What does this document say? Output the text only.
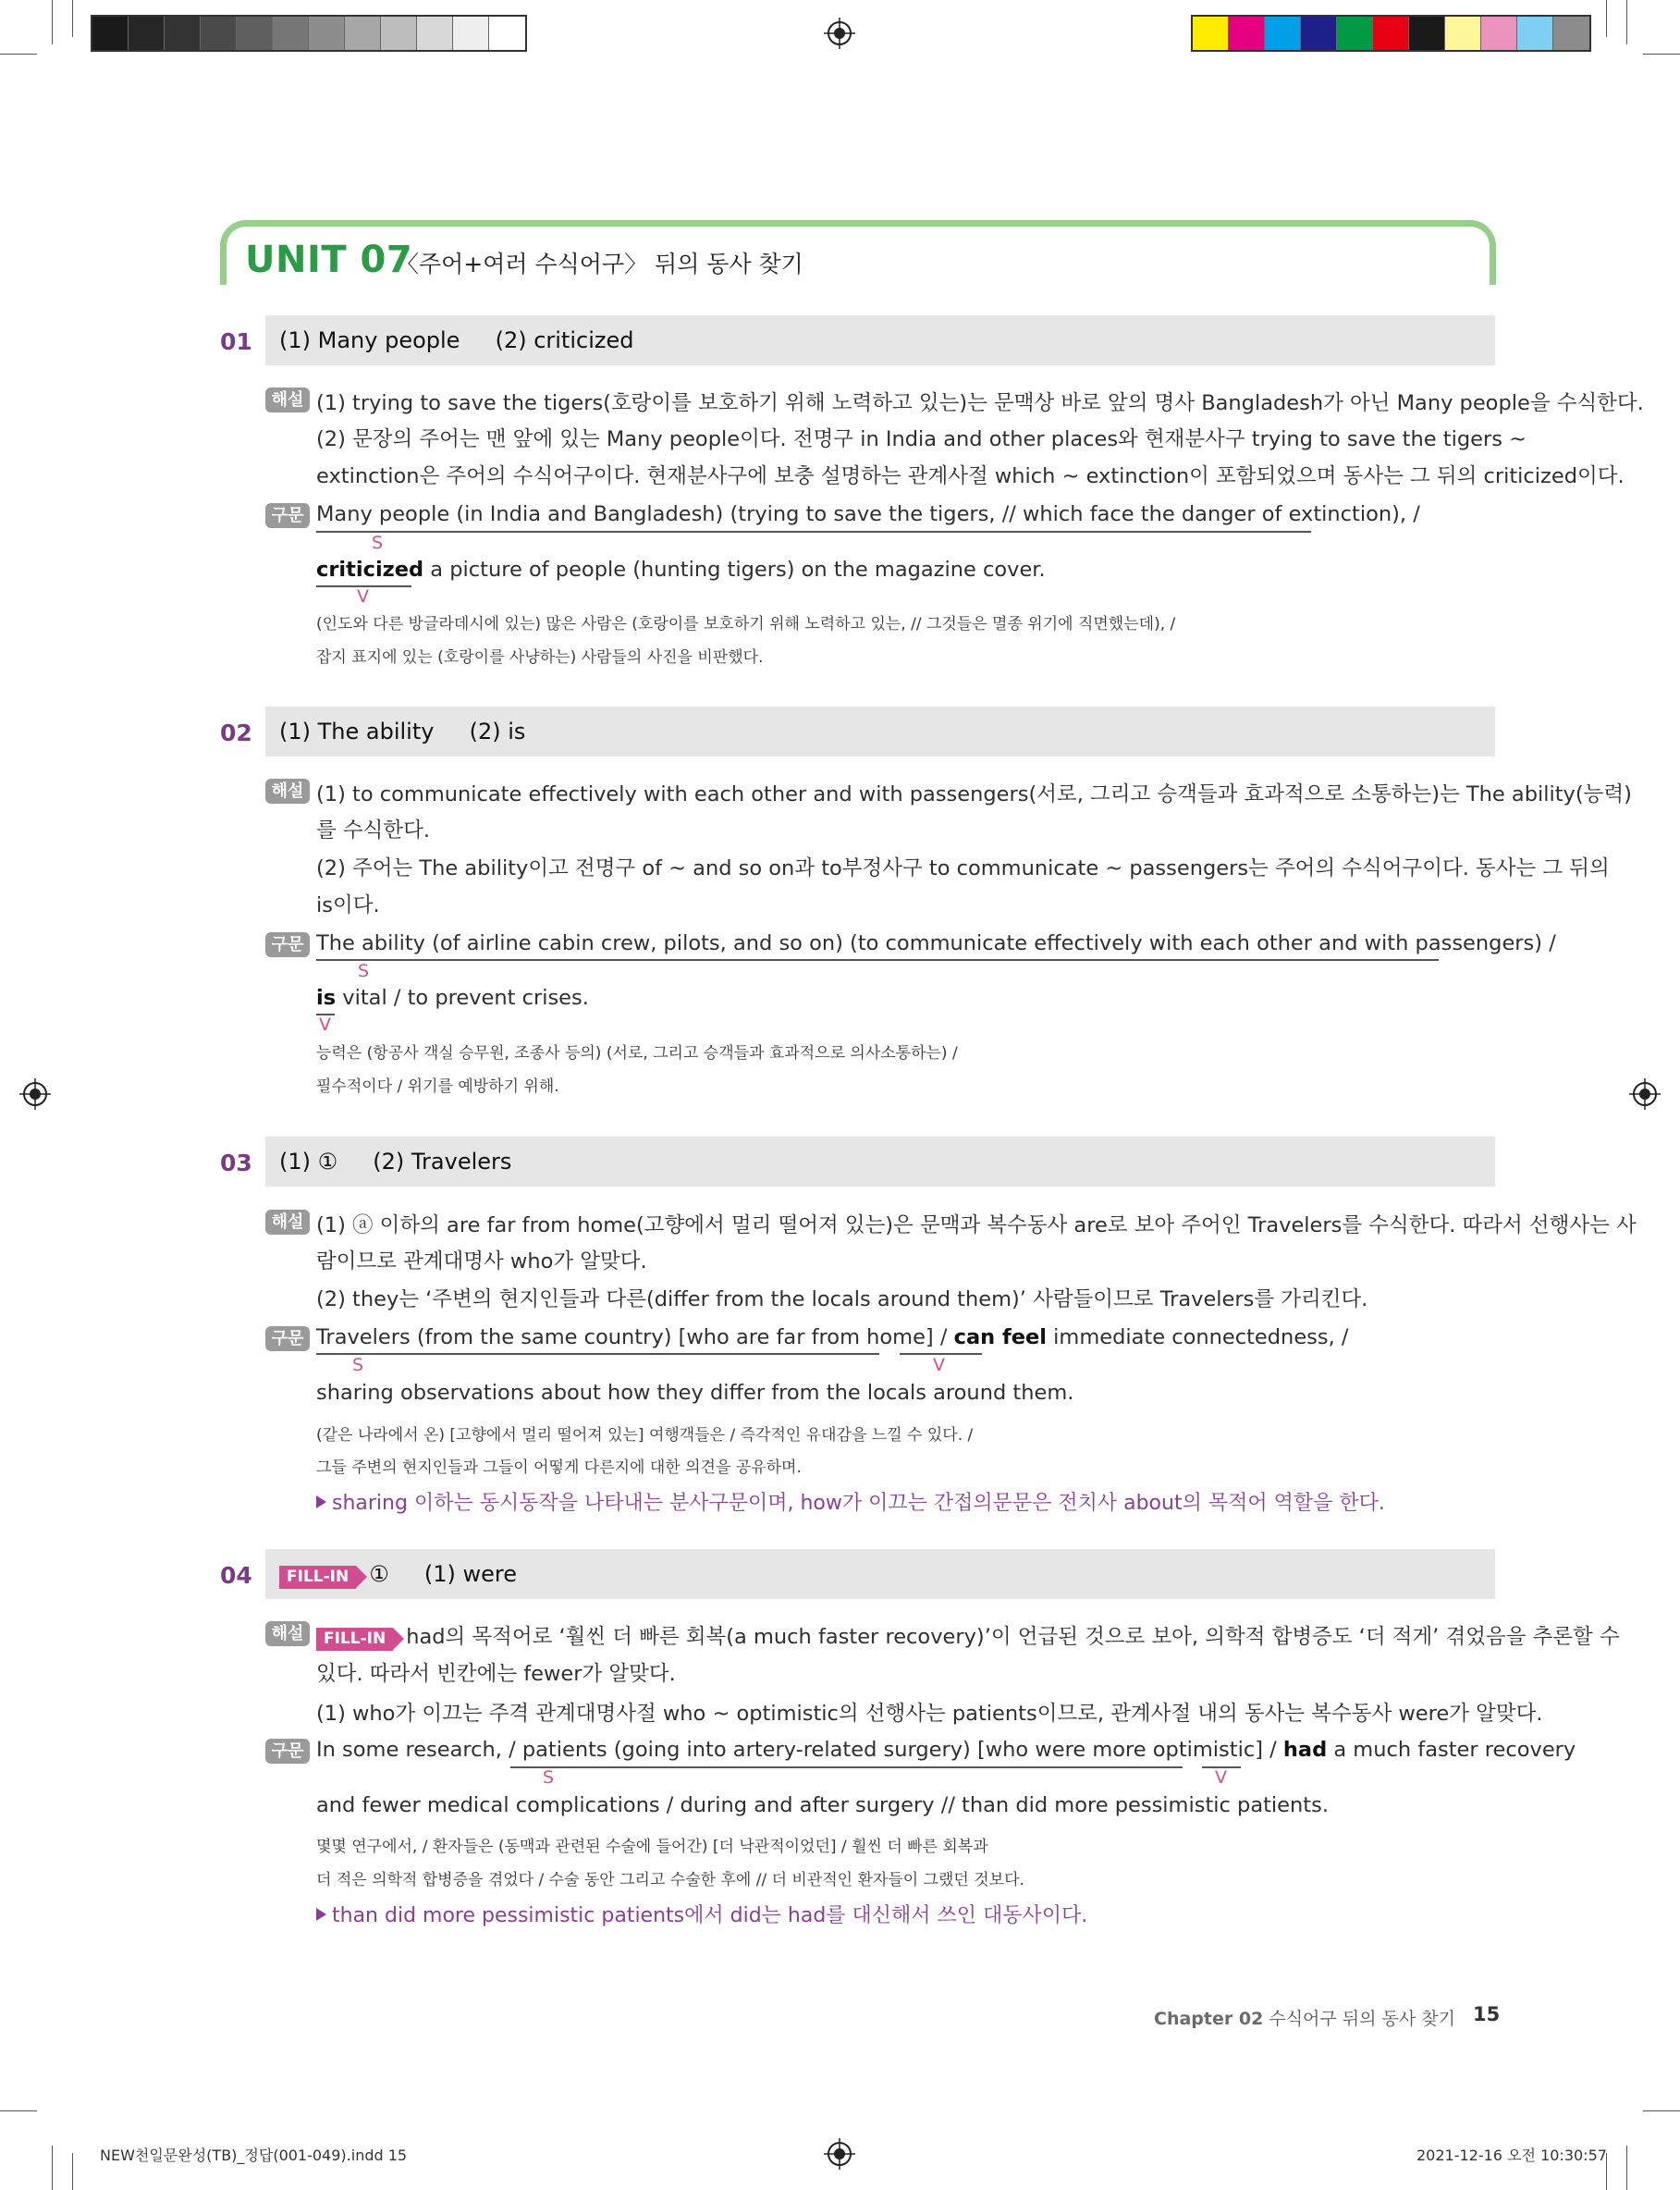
UNIT 07
〈주어+여러 수식어구〉 뒤의 동사 찾기
01 (1) Many people     (2) criticized
해설 (1) trying to save the tigers(호랑이를 보호하기 위해 노력하고 있는)는 문맥상 바로 앞의 명사 Bangladesh가 아닌 Many people을 수식한다.
(2) 문장의 주어는 맨 앞에 있는 Many people이다. 전명구 in India and other places와 현재분사구 trying to save the tigers ~
extinction은 주어의 수식어구이다. 현재분사구에 보충 설명하는 관계사절 which ~ extinction이 포함되었으며 동사는 그 뒤의 criticized이다.
구문 Many people (in India and Bangladesh) (trying to save the tigers, // which face the danger of extinction), /
S
criticized a picture of people (hunting tigers) on the magazine cover.
V
(인도와 다른 방글라데시에 있는) 많은 사람은 (호랑이를 보호하기 위해 노력하고 있는, // 그것들은 멸종 위기에 직면했는데), /
잡지 표지에 있는 (호랑이를 사냥하는) 사람들의 사진을 비판했다.
02 (1) The ability     (2) is
해설 (1) to communicate effectively with each other and with passengers(서로, 그리고 승객들과 효과적으로 소통하는)는 The ability(능력)
를 수식한다.
(2) 주어는 The ability이고 전명구 of ~ and so on과 to부정사구 to communicate ~ passengers는 주어의 수식어구이다. 동사는 그 뒤의
is이다.
구문 The ability (of airline cabin crew, pilots, and so on) (to communicate effectively with each other and with passengers) /
S
is vital / to prevent crises.
V
능력은 (항공사 객실 승무원, 조종사 등의) (서로, 그리고 승객들과 효과적으로 의사소통하는) /
필수적이다 / 위기를 예방하기 위해.
03 (1) ①     (2) Travelers
해설 (1) ⓐ 이하의 are far from home(고향에서 멀리 떨어져 있는)은 문맥과 복수동사 are로 보아 주어인 Travelers를 수식한다. 따라서 선행사는 사
람이므로 관계대명사 who가 알맞다.
(2) they는 ‘주변의 현지인들과 다른(differ from the locals around them)’ 사람들이므로 Travelers를 가리킨다.
구문 Travelers (from the same country) [who are far from home] / can feel immediate connectedness, /
S	V
sharing observations about how they differ from the locals around them.
(같은 나라에서 온) [고향에서 멀리 떨어져 있는] 여행객들은 / 즉각적인 유대감을 느낄 수 있다. /
그들 주변의 현지인들과 그들이 어떻게 다른지에 대한 의견을 공유하며.
sharing 이하는 동시동작을 나타내는 분사구문이며, how가 이끄는 간접의문문은 전치사 about의 목적어 역할을 한다.
04	FILL-IN ①     (1) were
해설	FILL-IN had의 목적어로 ‘훨씬 더 빠른 회복(a much faster recovery)’이 언급된 것으로 보아, 의학적 합병증도 ‘더 적게’ 겪었음을 추론할 수
있다. 따라서 빈칸에는 fewer가 알맞다.
(1) who가 이끄는 주격 관계대명사절 who ~ optimistic의 선행사는 patients이므로, 관계사절 내의 동사는 복수동사 were가 알맞다.
구문 In some research, / patients (going into artery-related surgery) [who were more optimistic] / had a much faster recovery
S	V
and fewer medical complications / during and after surgery // than did more pessimistic patients.
몇몇 연구에서, / 환자들은 (동맥과 관련된 수술에 들어간) [더 낙관적이었던] / 훨씬 더 빠른 회복과
더 적은 의학적 합병증을 겪었다 / 수술 동안 그리고 수술한 후에 // 더 비관적인 환자들이 그랬던 것보다.
than did more pessimistic patients에서 did는 had를 대신해서 쓰인 대동사이다.
Chapter 02 수식어구 뒤의 동사 찾기 15
NEW천일문완성(TB)_정답(001-049).indd 15	2021-12-16 오전 10:30:57
